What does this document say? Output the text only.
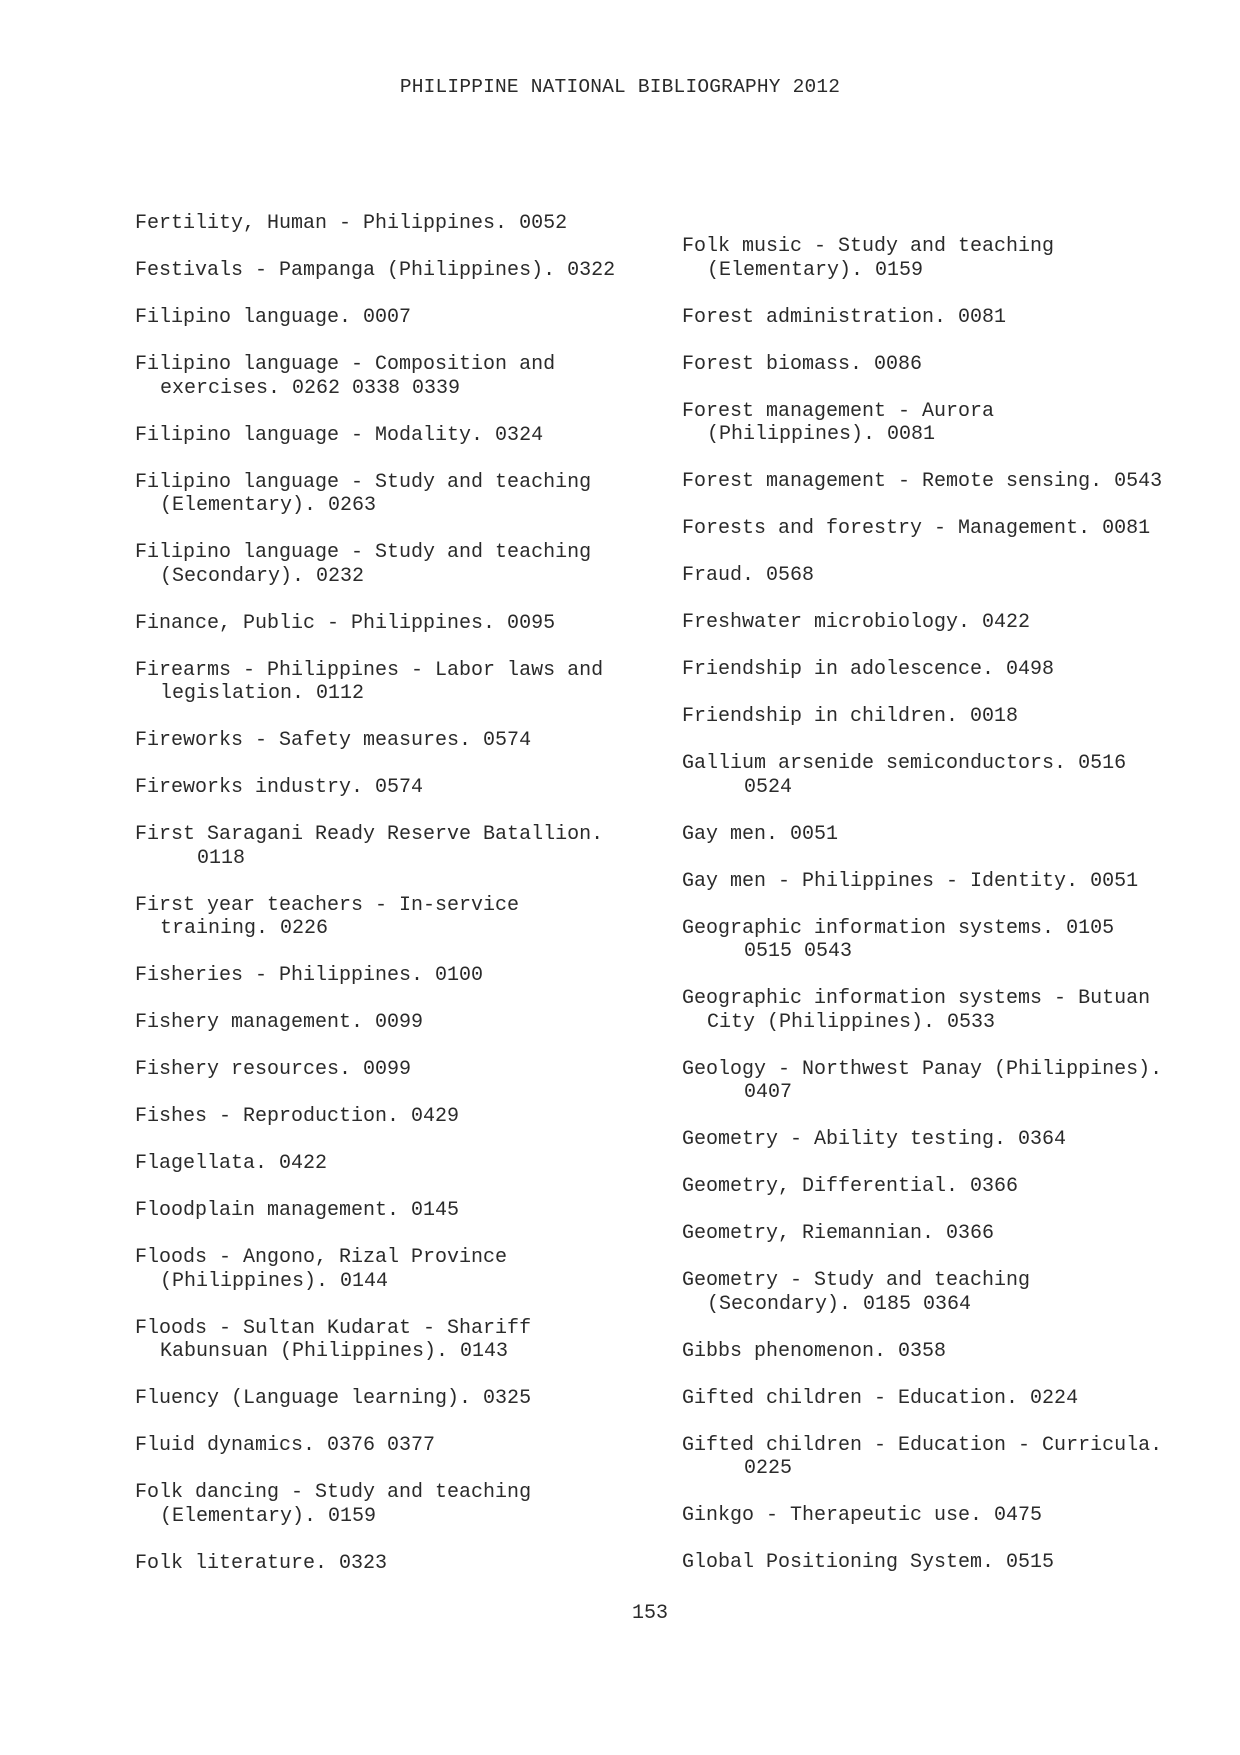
PHILIPPINE NATIONAL BIBLIOGRAPHY 2012
Fertility, Human - Philippines. 0052
Festivals - Pampanga (Philippines). 0322
Filipino language. 0007
Filipino language - Composition and
exercises. 0262 0338 0339
Filipino language - Modality. 0324
Filipino language - Study and teaching
(Elementary). 0263
Filipino language - Study and teaching
(Secondary). 0232
Finance, Public - Philippines. 0095
Firearms - Philippines - Labor laws and
legislation. 0112
Fireworks - Safety measures. 0574
Fireworks industry. 0574
First Saragani Ready Reserve Batallion.
0118
First year teachers - In-service
training. 0226
Fisheries - Philippines. 0100
Fishery management. 0099
Fishery resources. 0099
Fishes - Reproduction. 0429
Flagellata. 0422
Floodplain management. 0145
Floods - Angono, Rizal Province
(Philippines). 0144
Floods - Sultan Kudarat - Shariff
Kabunsuan (Philippines). 0143
Fluency (Language learning). 0325
Fluid dynamics. 0376 0377
Folk dancing - Study and teaching
(Elementary). 0159
Folk literature. 0323
Folk music - Study and teaching
(Elementary). 0159
Forest administration. 0081
Forest biomass. 0086
Forest management - Aurora
(Philippines). 0081
Forest management - Remote sensing. 0543
Forests and forestry - Management. 0081
Fraud. 0568
Freshwater microbiology. 0422
Friendship in adolescence. 0498
Friendship in children. 0018
Gallium arsenide semiconductors. 0516
0524
Gay men. 0051
Gay men - Philippines - Identity. 0051
Geographic information systems. 0105
0515 0543
Geographic information systems - Butuan
City (Philippines). 0533
Geology - Northwest Panay (Philippines).
0407
Geometry - Ability testing. 0364
Geometry, Differential. 0366
Geometry, Riemannian. 0366
Geometry - Study and teaching
(Secondary). 0185 0364
Gibbs phenomenon. 0358
Gifted children - Education. 0224
Gifted children - Education - Curricula.
0225
Ginkgo - Therapeutic use. 0475
Global Positioning System. 0515
153
